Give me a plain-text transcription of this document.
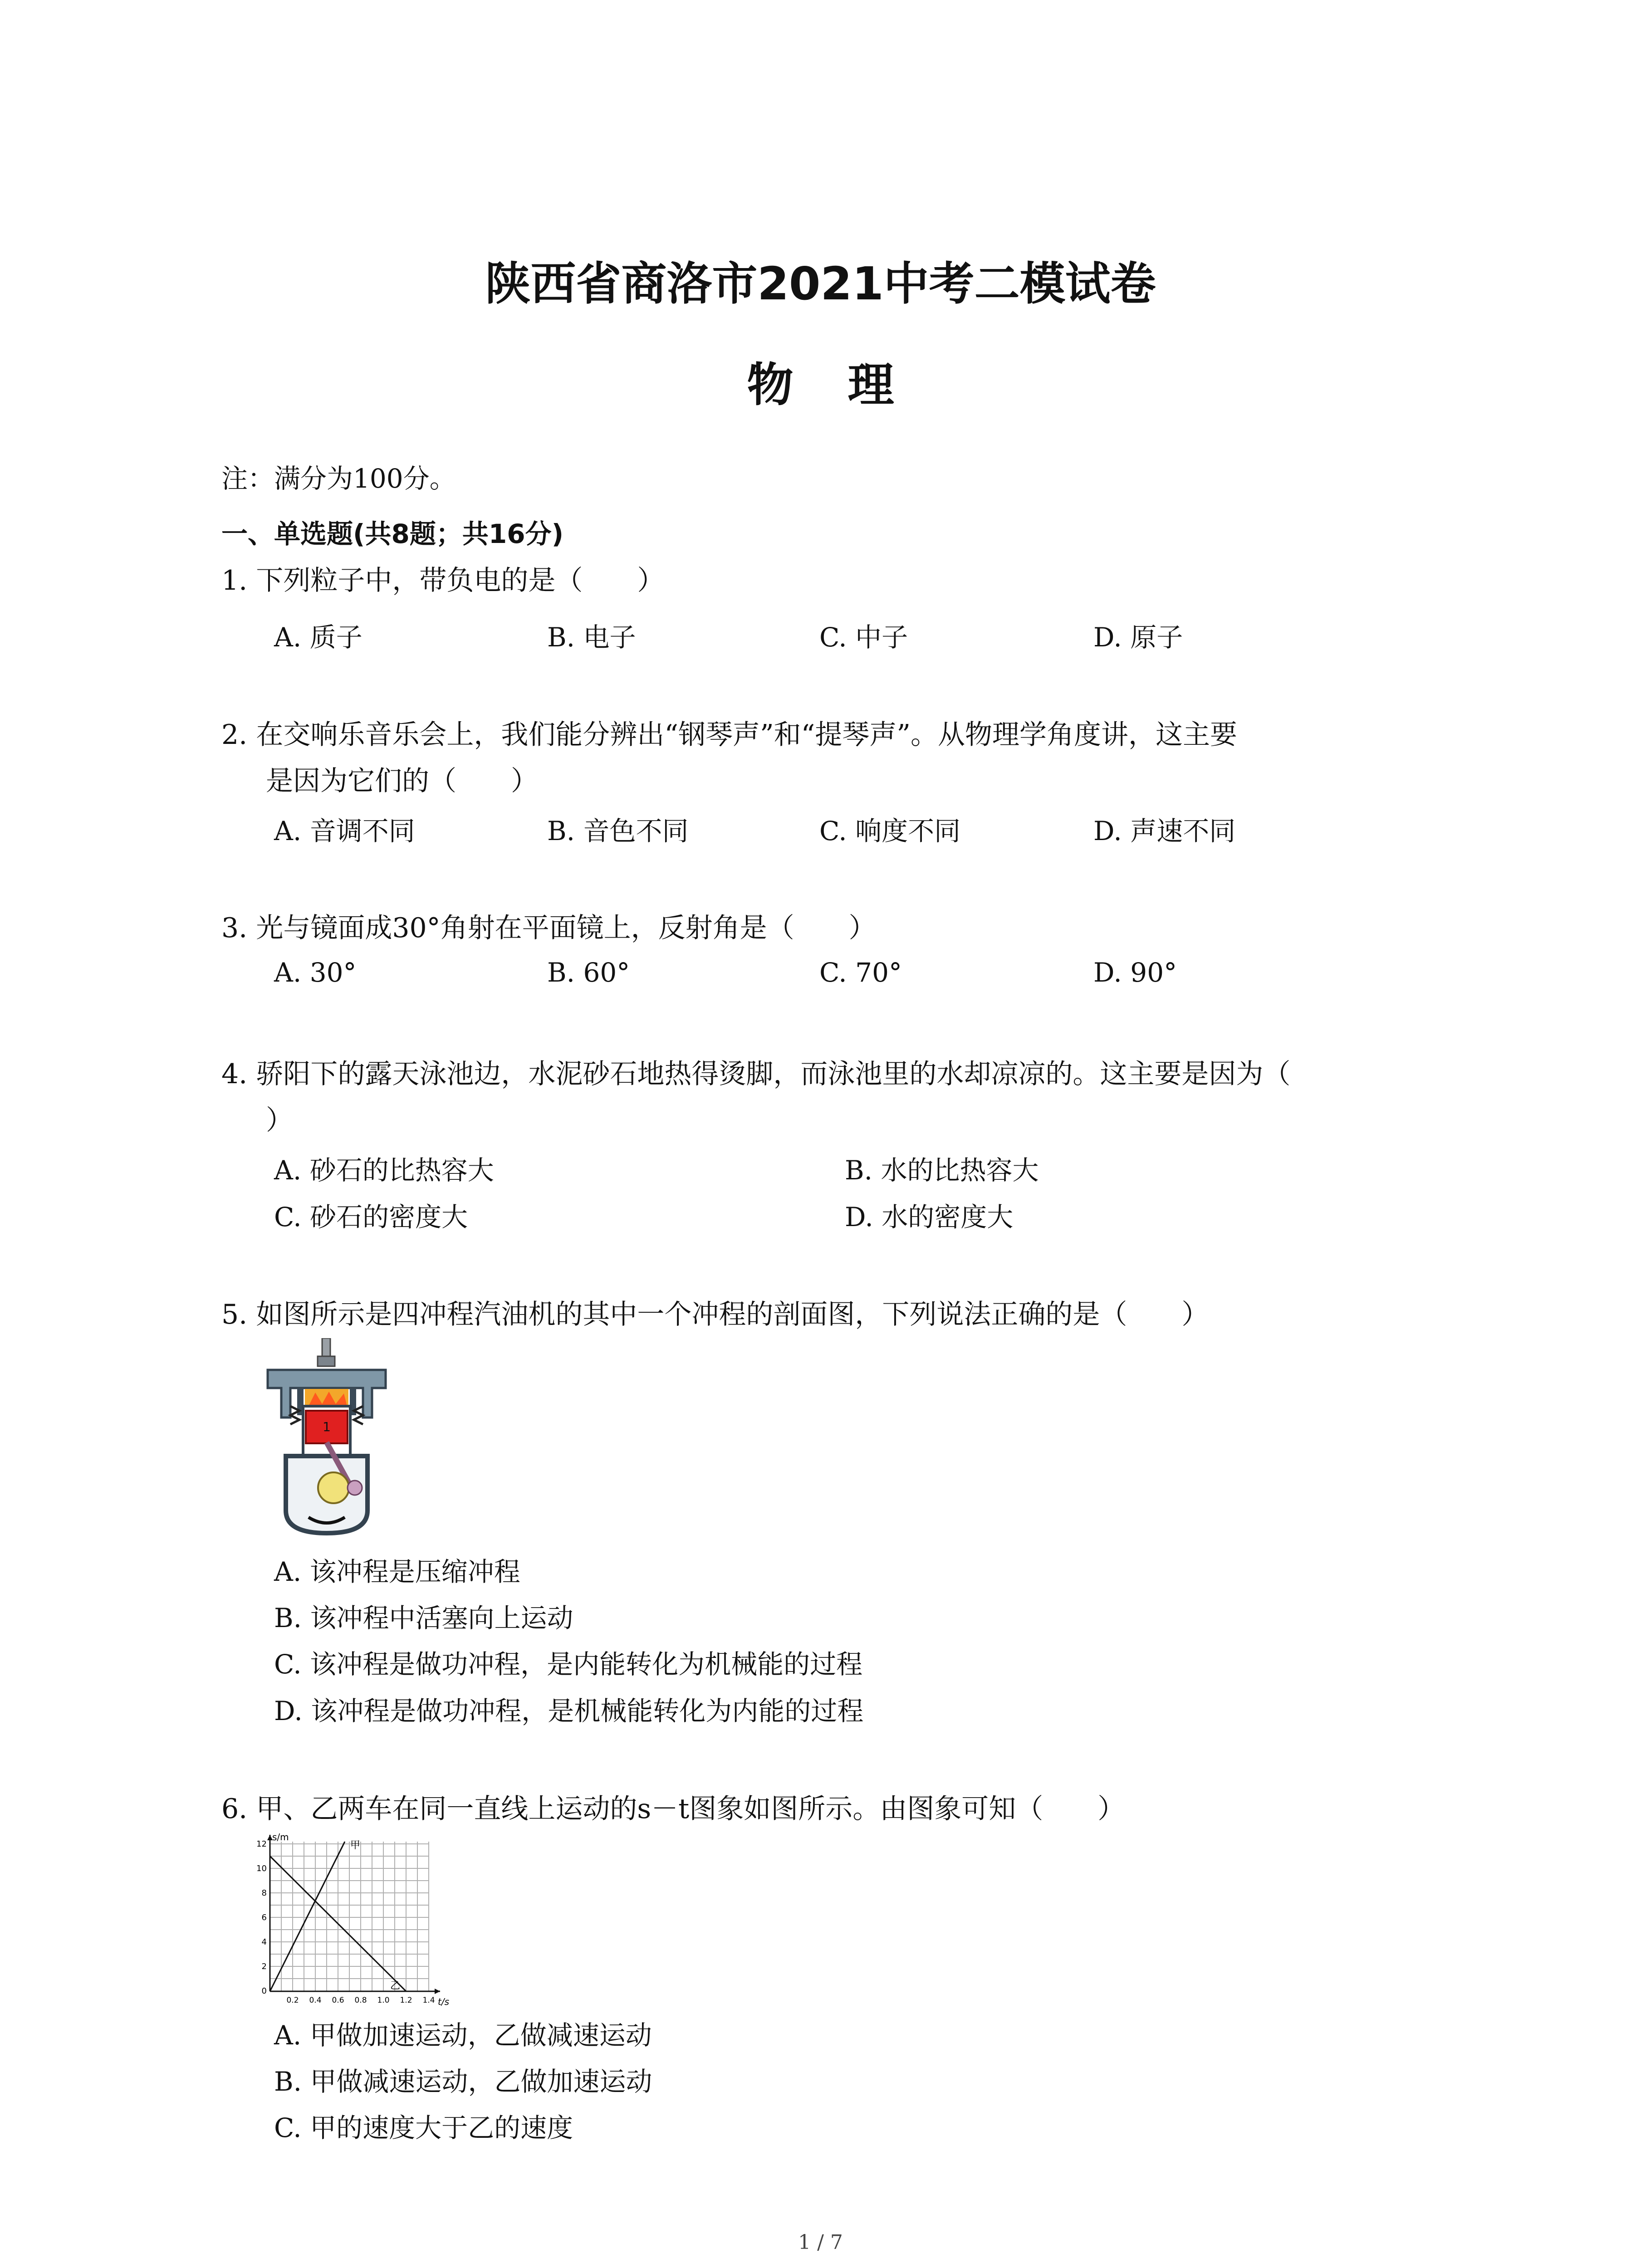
陕西省商洛市2021中考二模试卷
物理
注：满分为100分。
一、单选题(共8题；共16分)
1. 下列粒子中，带负电的是（　　）
A. 质子	B. 电子	C. 中子	D. 原子
2. 在交响乐音乐会上，我们能分辨出“钢琴声”和“提琴声”。从物理学角度讲，这主要
是因为它们的（　　）
A. 音调不同	B. 音色不同	C. 响度不同	D. 声速不同
3. 光与镜面成30°角射在平面镜上，反射角是（　　）
A. 30°	B. 60°	C. 70°	D. 90°
4. 骄阳下的露天泳池边，水泥砂石地热得烫脚，而泳池里的水却凉凉的。这主要是因为（
）
A. 砂石的比热容大	B. 水的比热容大
C. 砂石的密度大	D. 水的密度大
5. 如图所示是四冲程汽油机的其中一个冲程的剖面图，下列说法正确的是（　　）
1
A. 该冲程是压缩冲程
B. 该冲程中活塞向上运动
C. 该冲程是做功冲程，是内能转化为机械能的过程
D. 该冲程是做功冲程，是机械能转化为内能的过程
6. 甲、乙两车在同一直线上运动的s－t图象如图所示。由图象可知（　　）
s/m
t/s
甲
乙
12
10
8
6
4
2
0
0.2 0.4 0.6 0.8 1.0 1.2 1.4
A. 甲做加速运动，乙做减速运动
B. 甲做减速运动，乙做加速运动
C. 甲的速度大于乙的速度
1 / 7
